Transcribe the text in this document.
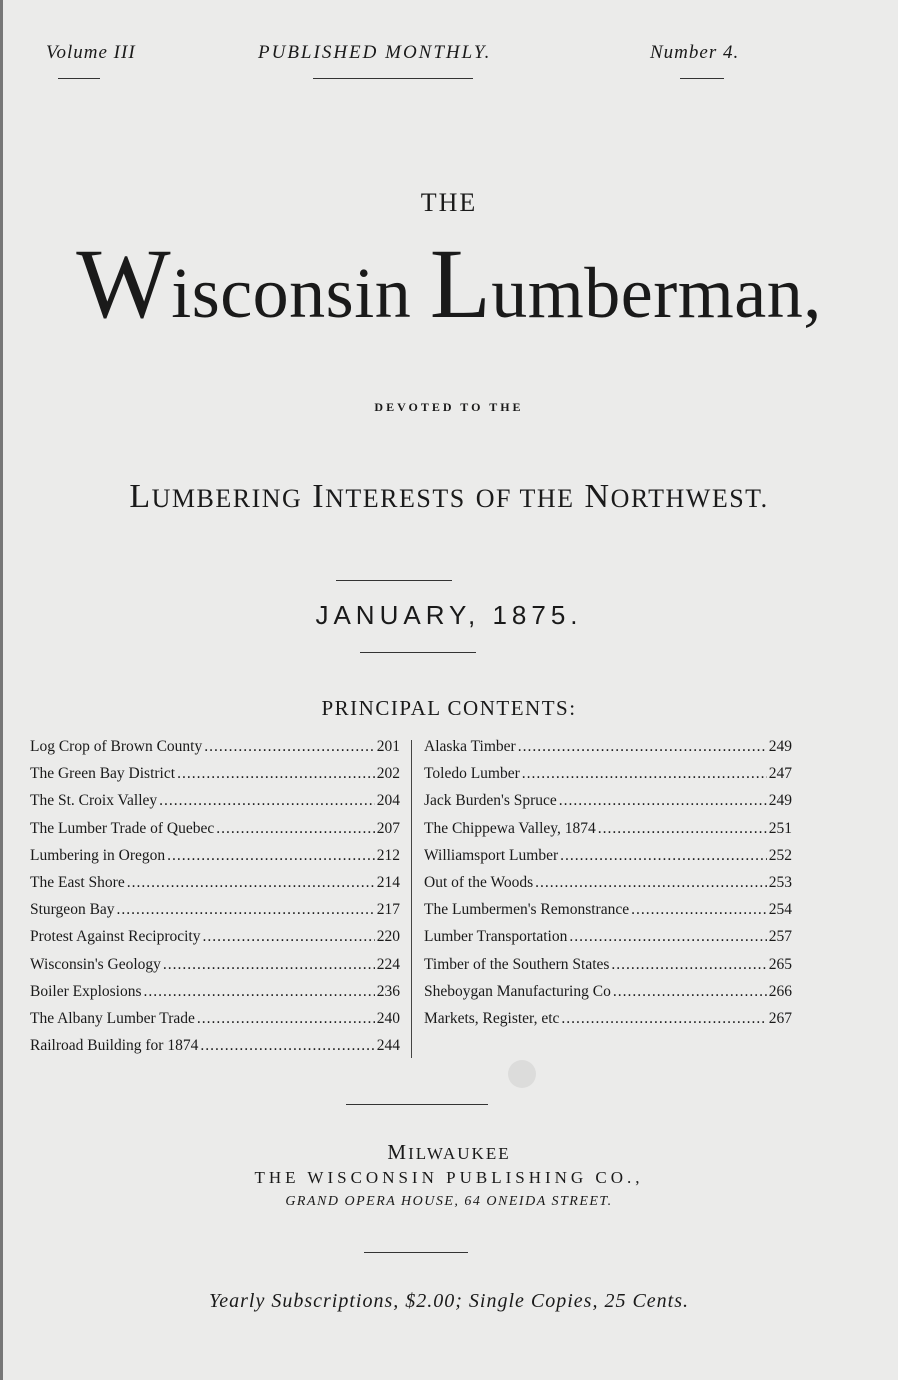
Volume III	PUBLISHED MONTHLY.	Number 4.
THE
Wisconsin Lumberman,
DEVOTED TO THE
LUMBERING INTERESTS OF THE NORTHWEST.
JANUARY, 1875.
PRINCIPAL CONTENTS:
Log Crop of Brown County .....	201
The Green Bay District .....	202
The St. Croix Valley .....	204
The Lumber Trade of Quebec .....	207
Lumbering in Oregon .....	212
The East Shore .....	214
Sturgeon Bay .....	217
Protest Against Reciprocity .....	220
Wisconsin's Geology .....	224
Boiler Explosions .....	236
The Albany Lumber Trade .....	240
Railroad Building for 1874 .....	244
Alaska Timber .....	249
Toledo Lumber .....	247
Jack Burden's Spruce .....	249
The Chippewa Valley, 1874 .....	251
Williamsport Lumber .....	252
Out of the Woods .....	253
The Lumbermen's Remonstrance .....	254
Lumber Transportation .....	257
Timber of the Southern States .....	265
Sheboygan Manufacturing Co .....	266
Markets, Register, etc .....	267
MILWAUKEE
THE WISCONSIN PUBLISHING CO.,
GRAND OPERA HOUSE, 64 ONEIDA STREET.
Yearly Subscriptions, $2.00; Single Copies, 25 Cents.
